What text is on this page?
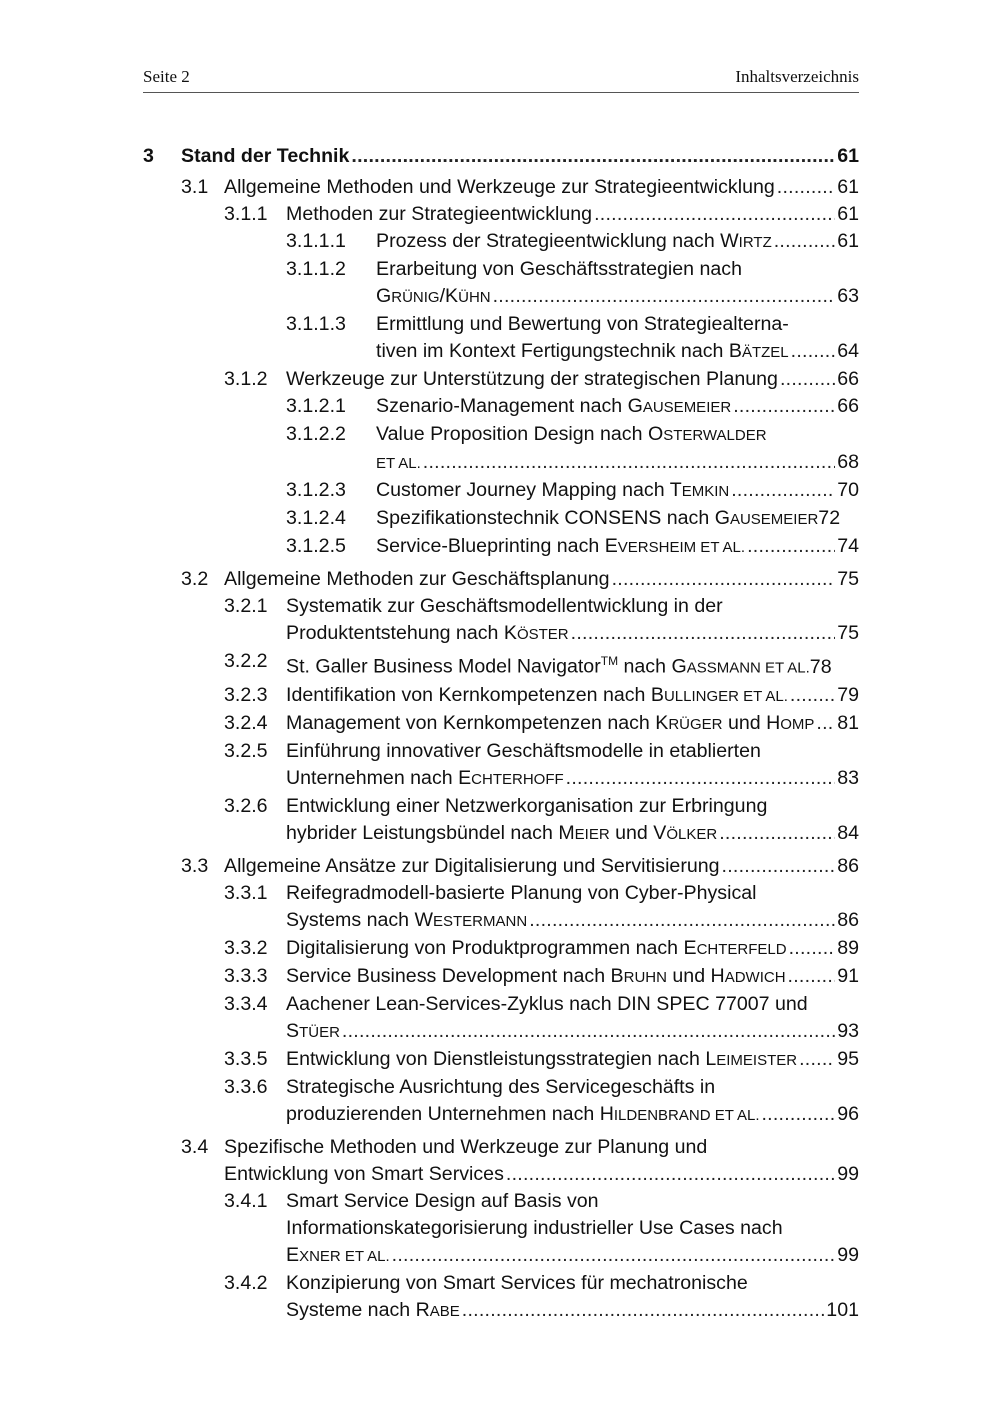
Seite 2	Inhaltsverzeichnis
3 Stand der Technik . . .	61
3.1 Allgemeine Methoden und Werkzeuge zur Strategieentwicklung . . .	61
3.1.1 Methoden zur Strategieentwicklung . . .	61
3.1.1.1 Prozess der Strategieentwicklung nach WIRTZ . . .	61
3.1.1.2 Erarbeitung von Geschäftsstrategien nach
GRÜNIG/KÜHN . . .	63
3.1.1.3 Ermittlung und Bewertung von Strategiealterna-
tiven im Kontext Fertigungstechnik nach BÄTZEL . . . 64
3.1.2 Werkzeuge zur Unterstützung der strategischen Planung . . .	66
3.1.2.1 Szenario-Management nach GAUSEMEIER . . .	66
3.1.2.2 Value Proposition Design nach OSTERWALDER
ET AL. . . .	68
3.1.2.3 Customer Journey Mapping nach TEMKIN . . .	70
3.1.2.4 Spezifikationstechnik CONSENS nach GAUSEMEIER 72
3.1.2.5 Service-Blueprinting nach EVERSHEIM ET AL. . . .	74
3.2 Allgemeine Methoden zur Geschäftsplanung . . .	75
3.2.1 Systematik zur Geschäftsmodellentwicklung in der
Produktentstehung nach KÖSTER . . .	75
3.2.2 St. Galler Business Model Navigator™ nach GASSMANN ET AL. 78
3.2.3 Identifikation von Kernkompetenzen nach BULLINGER ET AL. . . .	79
3.2.4 Management von Kernkompetenzen nach KRÜGER und HOMP . . . 81
3.2.5 Einführung innovativer Geschäftsmodelle in etablierten
Unternehmen nach ECHTERHOFF . . .	83
3.2.6 Entwicklung einer Netzwerkorganisation zur Erbringung
hybrider Leistungsbündel nach MEIER und VÖLKER . . .	84
3.3 Allgemeine Ansätze zur Digitalisierung und Servitisierung . . .	86
3.3.1 Reifegradmodell-basierte Planung von Cyber-Physical
Systems nach WESTERMANN . . .	86
3.3.2 Digitalisierung von Produktprogrammen nach ECHTERFELD . . .	89
3.3.3 Service Business Development nach BRUHN und HADWICH . . .	91
3.3.4 Aachener Lean-Services-Zyklus nach DIN SPEC 77007 und
STÜER . . .	93
3.3.5 Entwicklung von Dienstleistungsstrategien nach LEIMEISTER . . . 95
3.3.6 Strategische Ausrichtung des Servicegeschäfts in
produzierenden Unternehmen nach HILDENBRAND ET AL. . . .	96
3.4 Spezifische Methoden und Werkzeuge zur Planung und
Entwicklung von Smart Services . . .	99
3.4.1 Smart Service Design auf Basis von
Informationskategorisierung industrieller Use Cases nach
EXNER ET AL. . . .	99
3.4.2 Konzipierung von Smart Services für mechatronische
Systeme nach RABE . . .	101
